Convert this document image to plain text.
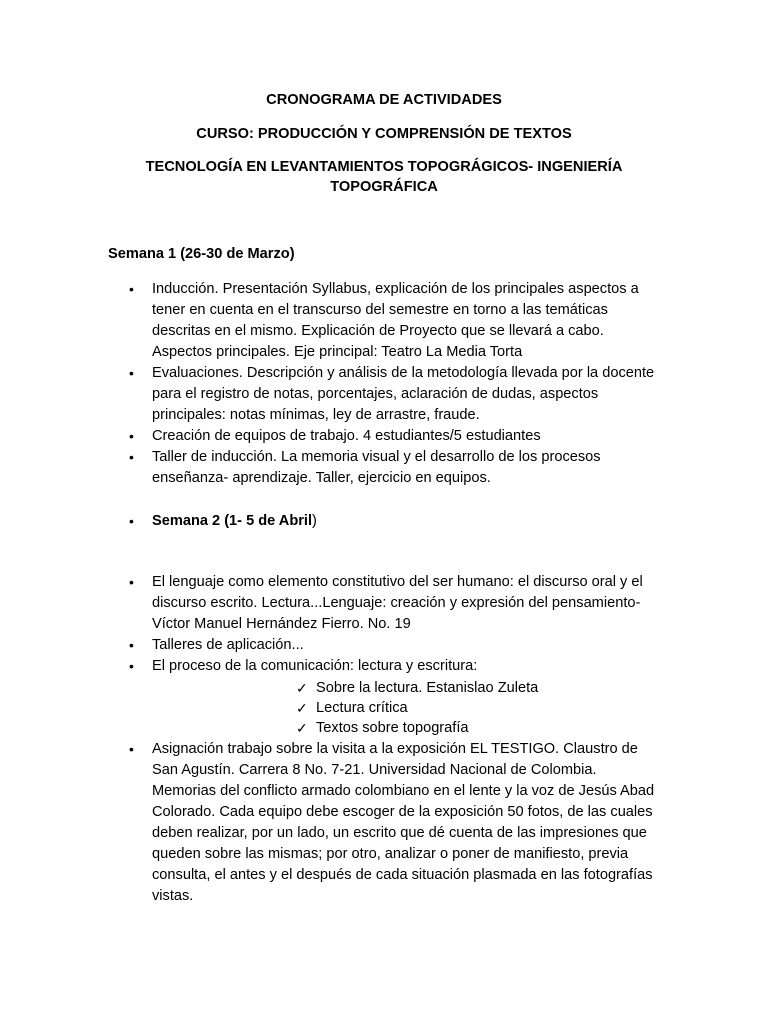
CRONOGRAMA DE ACTIVIDADES
CURSO: PRODUCCIÓN Y COMPRENSIÓN DE TEXTOS
TECNOLOGÍA EN LEVANTAMIENTOS TOPOGRÁGICOS- INGENIERÍA TOPOGRÁFICA
Semana 1 (26-30 de Marzo)
• Inducción. Presentación Syllabus, explicación de los principales aspectos a tener en cuenta en el transcurso del semestre en torno a las temáticas descritas en el mismo. Explicación de Proyecto que se llevará a cabo. Aspectos principales. Eje principal: Teatro La Media Torta
• Evaluaciones. Descripción y análisis de la metodología llevada por la docente para el registro de notas, porcentajes, aclaración de dudas, aspectos principales: notas mínimas, ley de arrastre, fraude.
• Creación de equipos de trabajo. 4 estudiantes/5 estudiantes
• Taller de inducción. La memoria visual y el desarrollo de los procesos enseñanza- aprendizaje. Taller, ejercicio en equipos.
• Semana 2 (1- 5 de Abril)
• El lenguaje como elemento constitutivo del ser humano: el discurso oral y el discurso escrito. Lectura...Lenguaje: creación y expresión del pensamiento- Víctor Manuel Hernández Fierro. No. 19
• Talleres de aplicación...
• El proceso de la comunicación: lectura y escritura:
✓ Sobre la lectura. Estanislao Zuleta
✓ Lectura crítica
✓ Textos sobre topografía
• Asignación trabajo sobre la visita a la exposición EL TESTIGO. Claustro de San Agustín. Carrera 8 No. 7-21. Universidad Nacional de Colombia. Memorias del conflicto armado colombiano en el lente y la voz de Jesús Abad Colorado. Cada equipo debe escoger de la exposición 50 fotos, de las cuales deben realizar, por un lado, un escrito que dé cuenta de las impresiones que queden sobre las mismas; por otro, analizar o poner de manifiesto, previa consulta, el antes y el después de cada situación plasmada en las fotografías vistas.
